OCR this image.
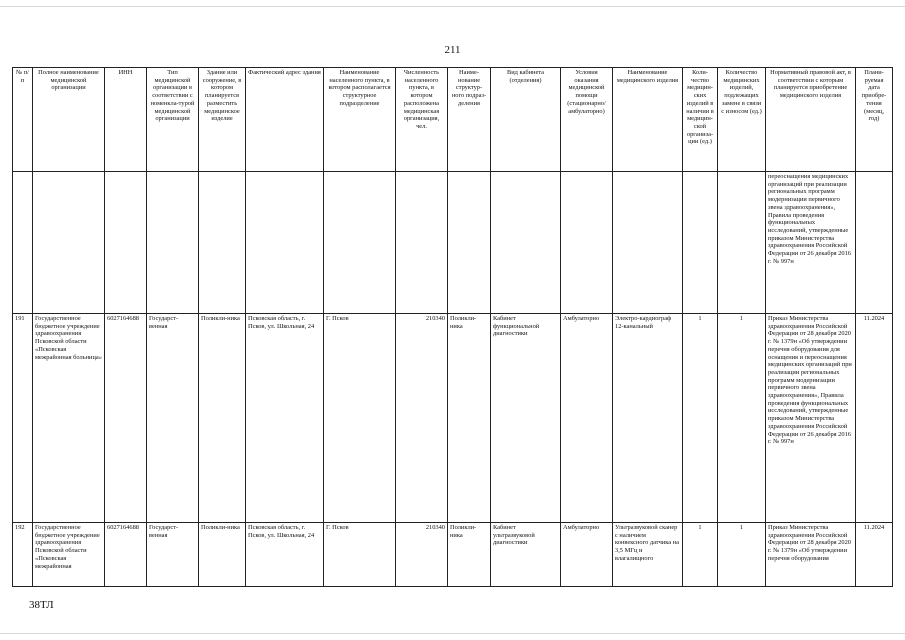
211
№ п/п	Полное наименование медицинской организации	ИНН	Тип медицинской организации в соответствии с номенкла-турой медицинской организации	Здание или сооружение, в котором планируется разместить медицинское изделие	Фактический адрес здания	Наименование населенного пункта, в котором располагается структурное подразделение	Численность населенного пункта, в котором расположена медицинская организация, чел.	Наиме-нование структур-ного подраз-деления	Вид кабинета (отделения)	Условия оказания медицинской помощи (стационарно/ амбулаторно)	Наименование медицинского изделия	Коли-чество медицин-ских изделий в наличии в медицин-ской организа-ции (ед.)	Количество медицинских изделий, подлежащих замене в связи с износом (ед.)	Нормативный правовой акт, в соответствии с которым планируется приобретение медицинского изделия	Плани-руемая дата приобре-тения (месяц, год)
														переоснащения медицинских организаций при реализации региональных программ модернизации первичного звена здравоохранения», Правила проведения функциональных исследований, утвержденные приказом Министерства здравоохранения Российской Федерации от 26 декабря 2016 г. № 997н	
191	Государственное бюджетное учреждение здравоохранения Псковской области «Псковская межрайонная больница»	6027164688	Государст-венная	Поликли-ника	Псковская область, г. Псков, ул. Школьная, 24	Г. Псков	210340	Поликли-ника	Кабинет функциональной диагностики	Амбулаторно	Электро-кардиограф 12-канальный	1	1	Приказ Министерства здравоохранения Российской Федерации от 28 декабря 2020 г. № 1379н «Об утверждении перечня оборудования для оснащения и переоснащения медицинских организаций при реализации региональных программ модернизации первичного звена здравоохранения», Правила проведения функциональных исследований, утвержденные приказом Министерства здравоохранения Российской Федерации от 26 декабря 2016 г. № 997н	11.2024
192	Государственное бюджетное учреждение здравоохранения Псковской области «Псковская межрайонная	6027164688	Государст-венная	Поликли-ника	Псковская область, г. Псков, ул. Школьная, 24	Г. Псков	210340	Поликли-ника	Кабинет ультразвуковой диагностики	Амбулаторно	Ультразвуковой сканер с наличием конвексного датчика на 3,5 МГц и влагалищного	1	1	Приказ Министерства здравоохранения Российской Федерации от 28 декабря 2020 г. № 1379н «Об утверждении перечня оборудования	11.2024
38ТЛ
